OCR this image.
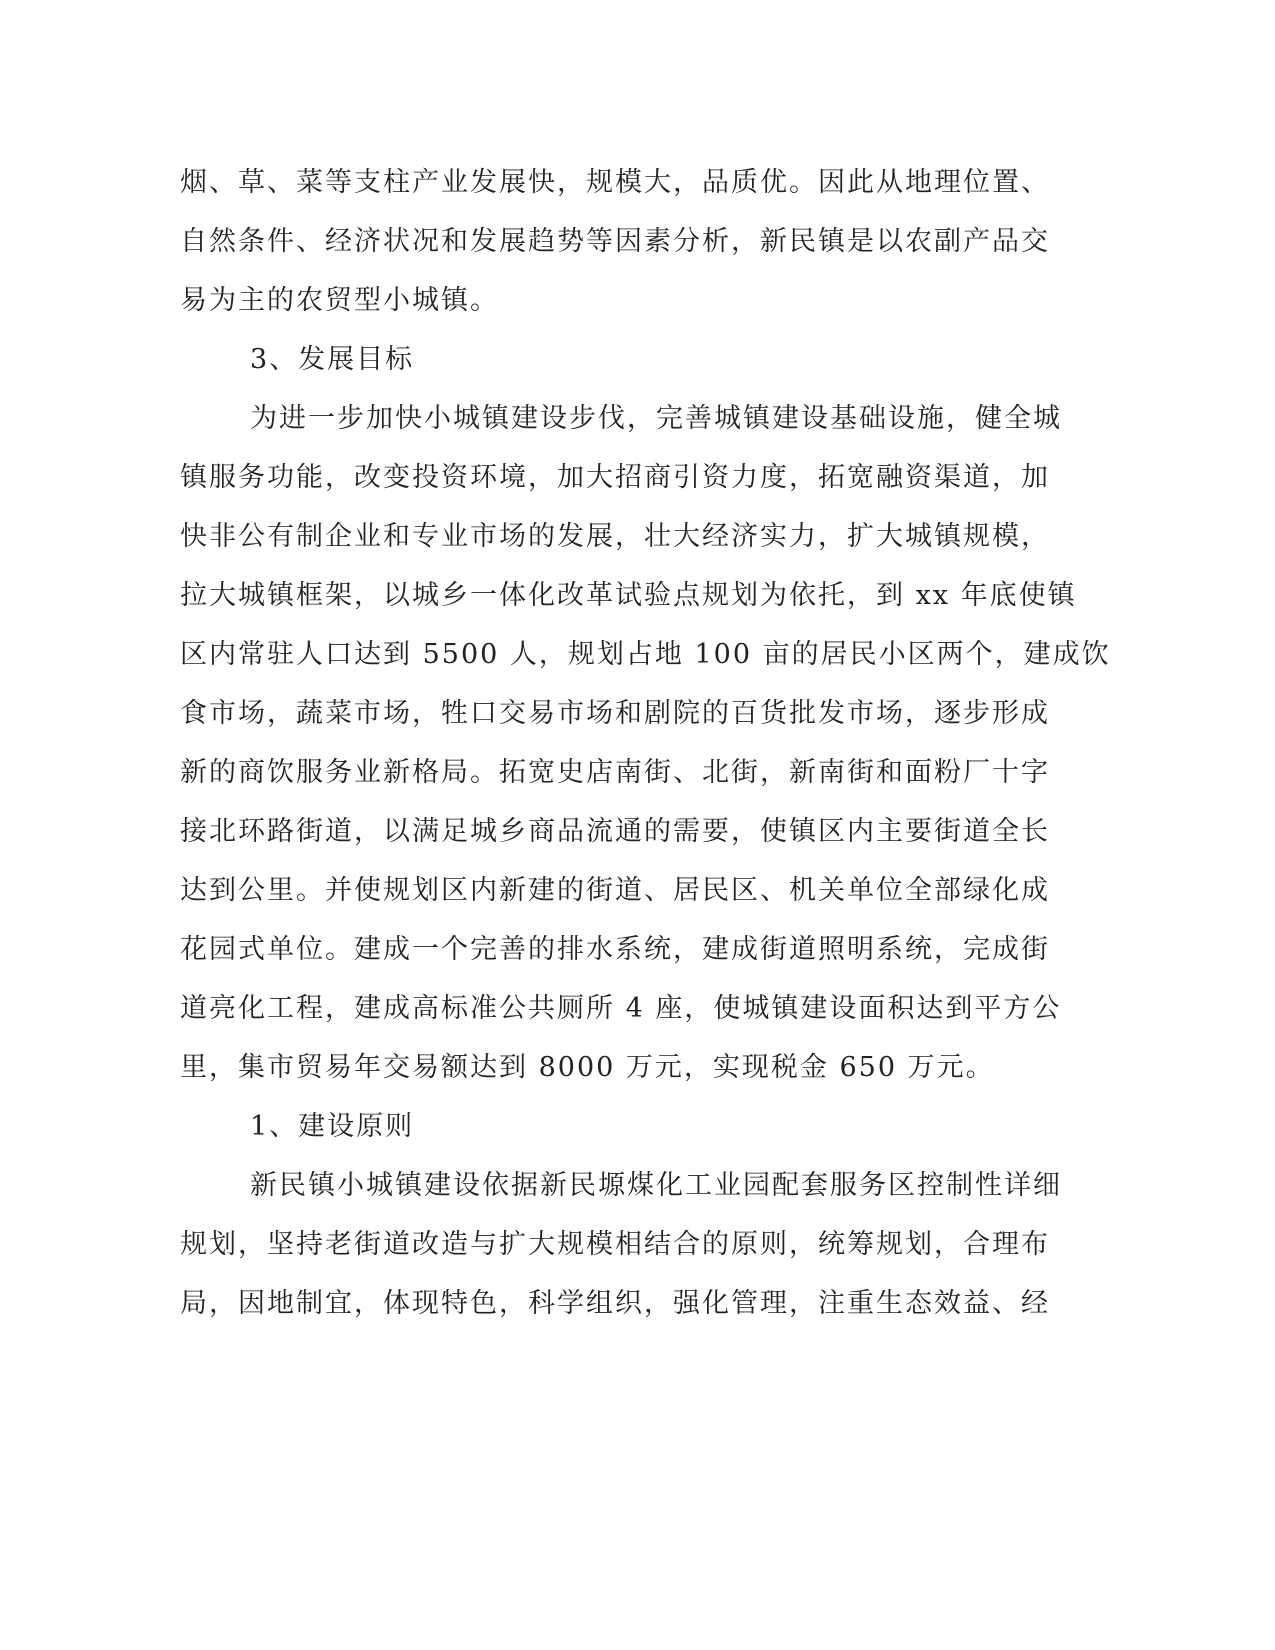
烟、草、菜等支柱产业发展快，规模大，品质优。因此从地理位置、
自然条件、经济状况和发展趋势等因素分析，新民镇是以农副产品交
易为主的农贸型小城镇。
3、发展目标
为进一步加快小城镇建设步伐，完善城镇建设基础设施，健全城
镇服务功能，改变投资环境，加大招商引资力度，拓宽融资渠道，加
快非公有制企业和专业市场的发展，壮大经济实力，扩大城镇规模，
拉大城镇框架，以城乡一体化改革试验点规划为依托，到 xx 年底使镇
区内常驻人口达到 5500 人，规划占地 100 亩的居民小区两个，建成饮
食市场，蔬菜市场，牲口交易市场和剧院的百货批发市场，逐步形成
新的商饮服务业新格局。拓宽史店南街、北街，新南街和面粉厂十字
接北环路街道，以满足城乡商品流通的需要，使镇区内主要街道全长
达到公里。并使规划区内新建的街道、居民区、机关单位全部绿化成
花园式单位。建成一个完善的排水系统，建成街道照明系统，完成街
道亮化工程，建成高标准公共厕所 4 座，使城镇建设面积达到平方公
里，集市贸易年交易额达到 8000 万元，实现税金 650 万元。
1、建设原则
新民镇小城镇建设依据新民塬煤化工业园配套服务区控制性详细
规划，坚持老街道改造与扩大规模相结合的原则，统筹规划，合理布
局，因地制宜，体现特色，科学组织，强化管理，注重生态效益、经
